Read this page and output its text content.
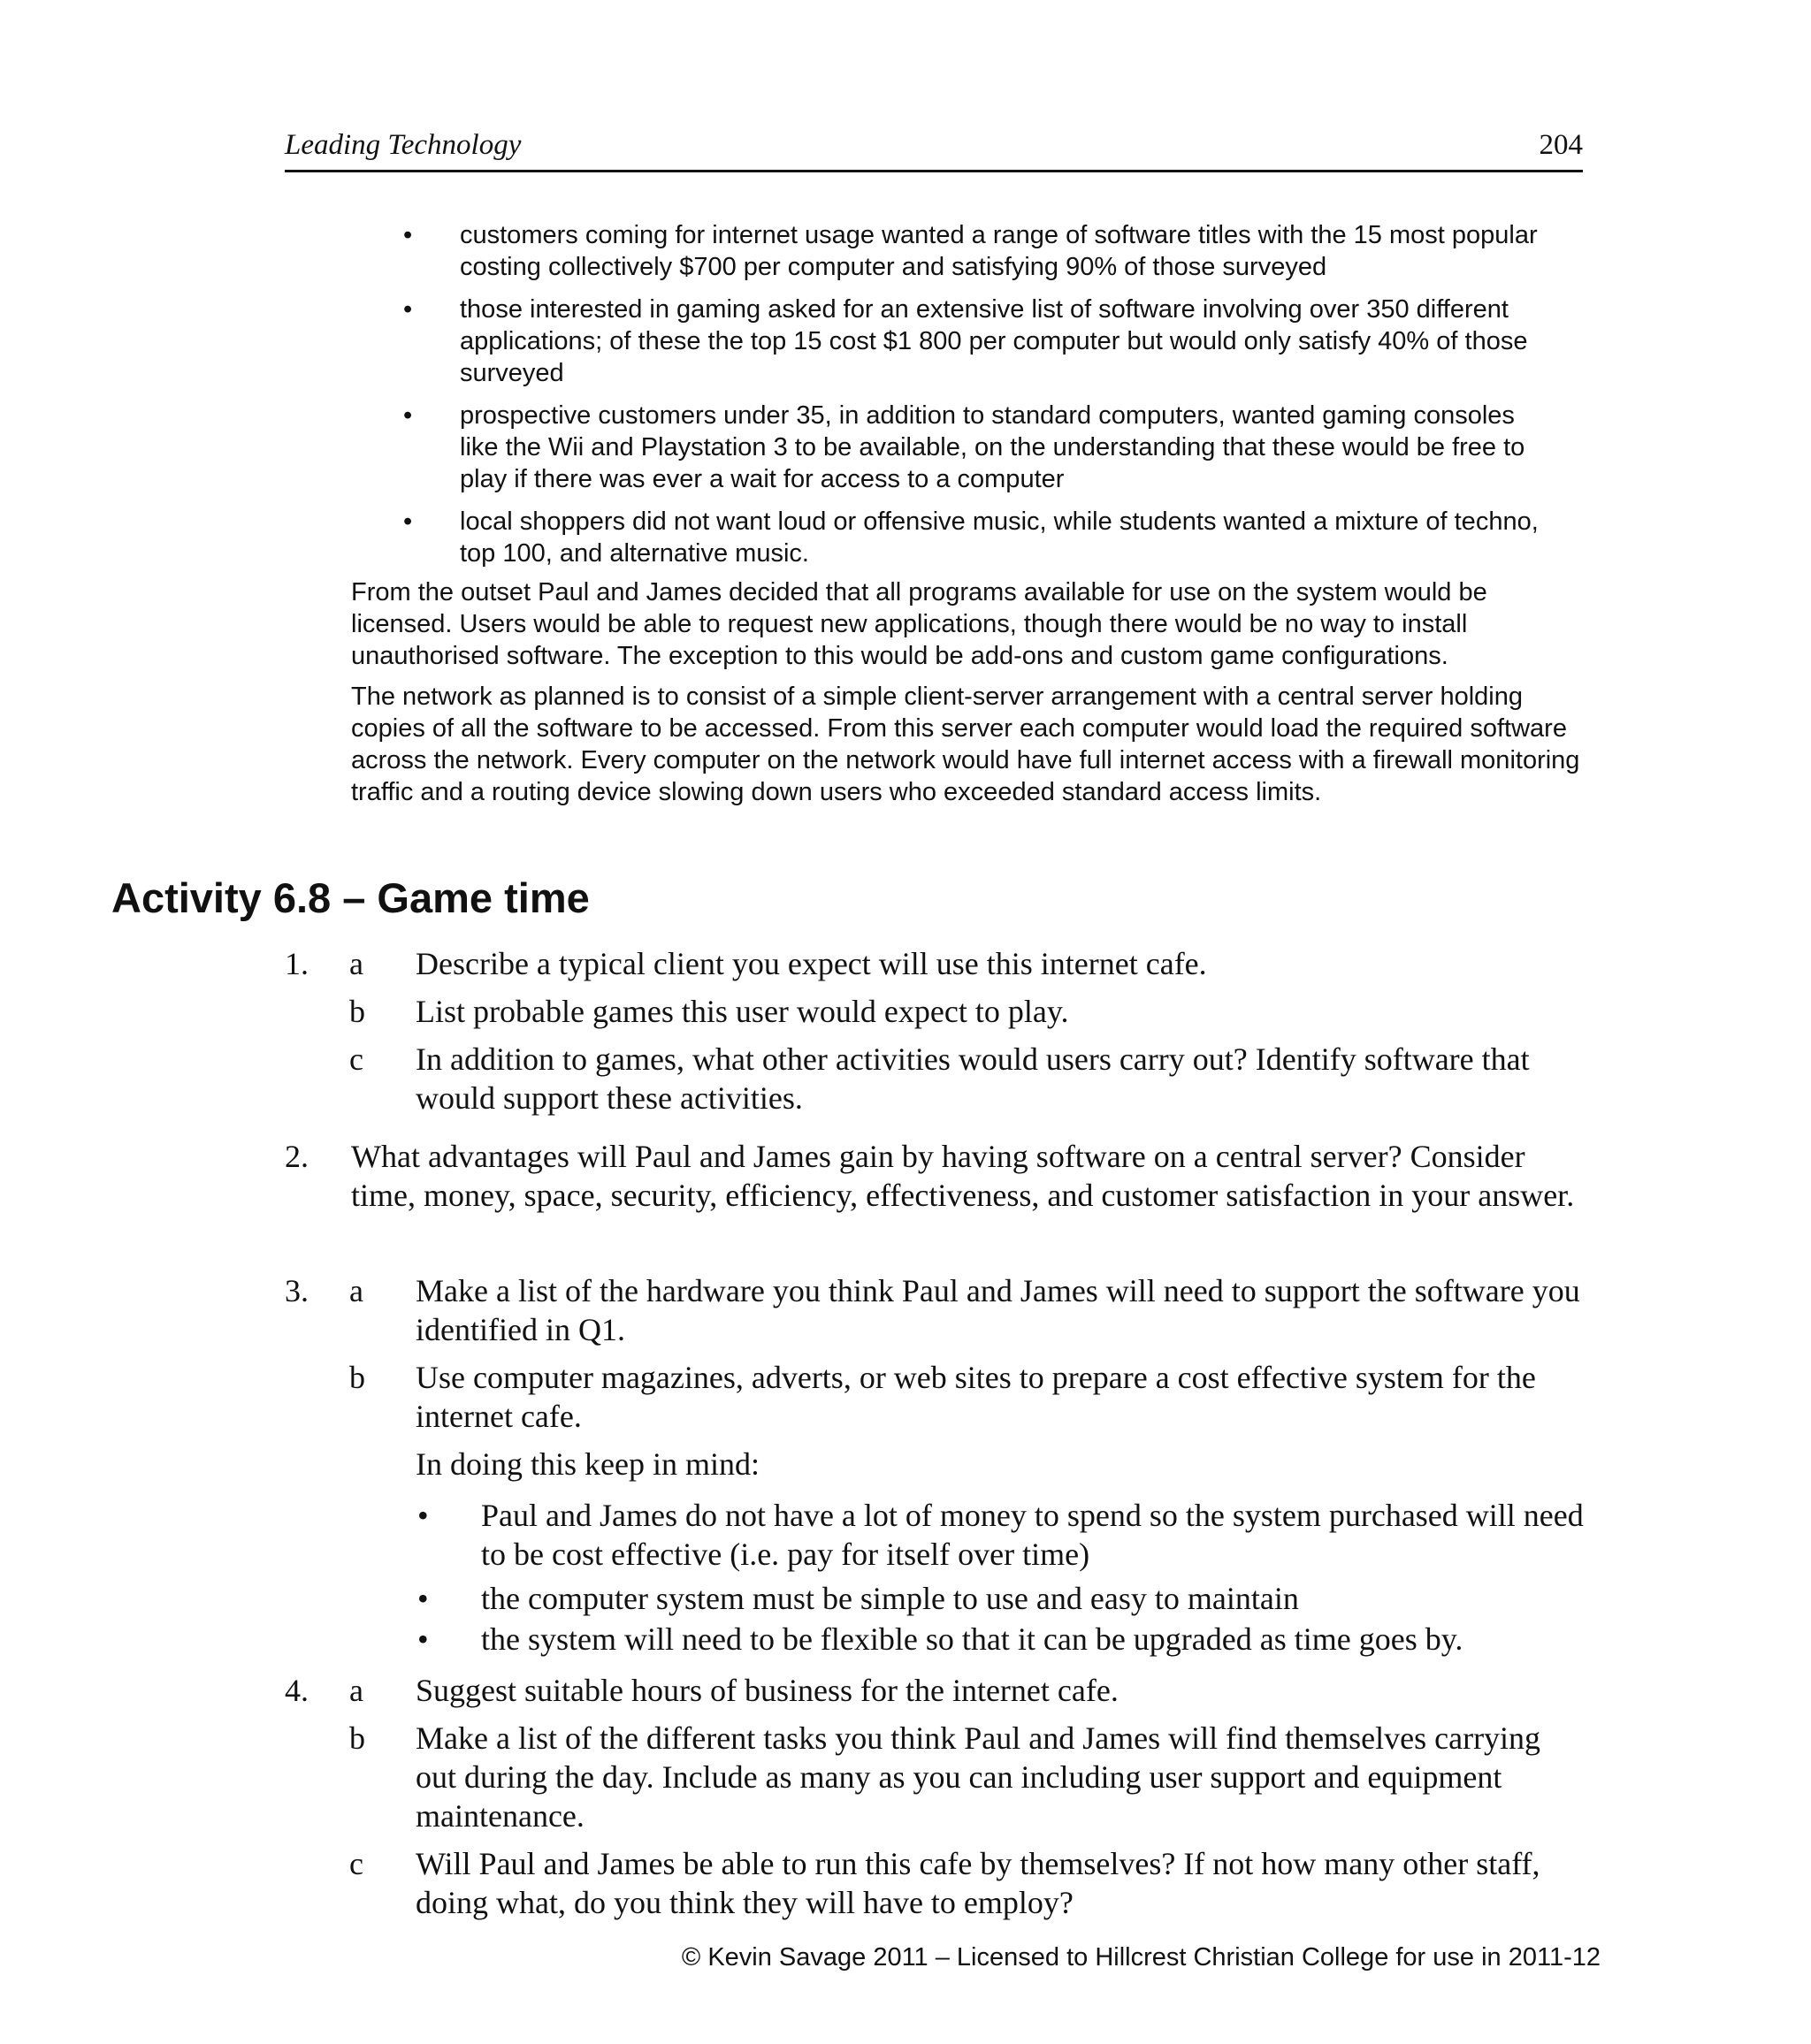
Leading Technology	204
• customers coming for internet usage wanted a range of software titles with the 15 most popular costing collectively $700 per computer and satisfying 90% of those surveyed
• those interested in gaming asked for an extensive list of software involving over 350 different applications; of these the top 15 cost $1 800 per computer but would only satisfy 40% of those surveyed
• prospective customers under 35, in addition to standard computers, wanted gaming consoles like the Wii and Playstation 3 to be available, on the understanding that these would be free to play if there was ever a wait for access to a computer
• local shoppers did not want loud or offensive music, while students wanted a mixture of techno, top 100, and alternative music.
From the outset Paul and James decided that all programs available for use on the system would be licensed. Users would be able to request new applications, though there would be no way to install unauthorised software. The exception to this would be add-ons and custom game configurations.
The network as planned is to consist of a simple client-server arrangement with a central server holding copies of all the software to be accessed. From this server each computer would load the required software across the network. Every computer on the network would have full internet access with a firewall monitoring traffic and a routing device slowing down users who exceeded standard access limits.
Activity 6.8 – Game time
1. a Describe a typical client you expect will use this internet cafe.
b List probable games this user would expect to play.
c In addition to games, what other activities would users carry out? Identify software that would support these activities.
2. What advantages will Paul and James gain by having software on a central server? Consider time, money, space, security, efficiency, effectiveness, and customer satisfaction in your answer.
3. a Make a list of the hardware you think Paul and James will need to support the software you identified in Q1.
b Use computer magazines, adverts, or web sites to prepare a cost effective system for the internet cafe.
In doing this keep in mind:
• Paul and James do not have a lot of money to spend so the system purchased will need to be cost effective (i.e. pay for itself over time)
• the computer system must be simple to use and easy to maintain
• the system will need to be flexible so that it can be upgraded as time goes by.
4. a Suggest suitable hours of business for the internet cafe.
b Make a list of the different tasks you think Paul and James will find themselves carrying out during the day. Include as many as you can including user support and equipment maintenance.
c Will Paul and James be able to run this cafe by themselves? If not how many other staff, doing what, do you think they will have to employ?
© Kevin Savage 2011 – Licensed to Hillcrest Christian College for use in 2011-12
